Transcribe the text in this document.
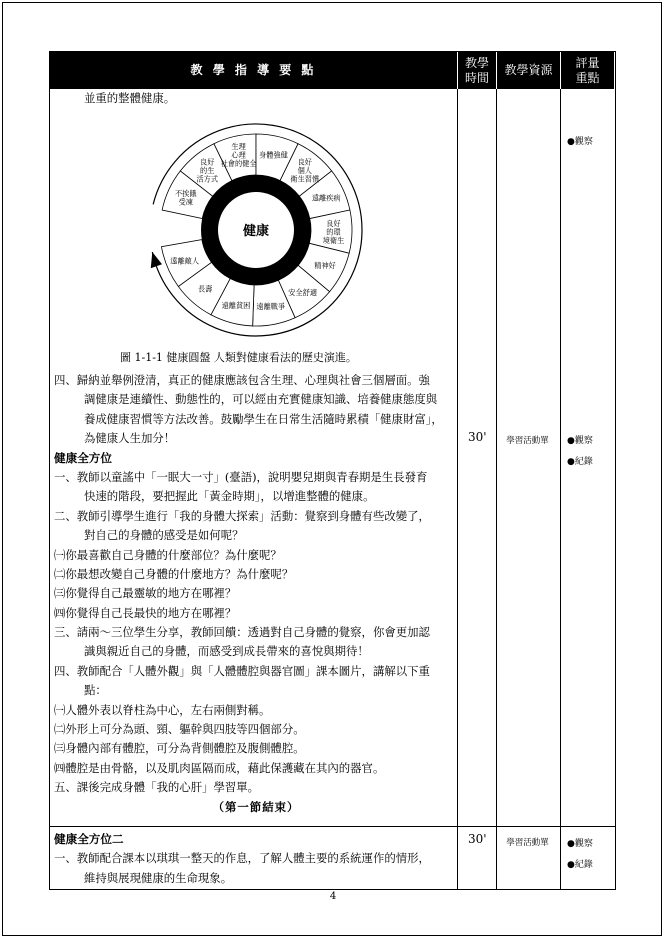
教 學 指 導 要 點
教學
時間
教學資源
評量
重點
健康
不挨餓受凍
良好的生活方式
生理心理社會的健全
身體強健
良好個人衛生習慣
遠離疾病
良好的環境衛生
精神好
安全舒適
遠離戰爭
遠離貧困
長壽
遠離敵人
圖 1-1-1 健康圓盤 人類對健康看法的歷史演進。
並重的整體健康。
四、歸納並舉例澄清，真正的健康應該包含生理、心理與社會三個層面。強
調健康是連續性、動態性的，可以經由充實健康知識、培養健康態度與
養成健康習慣等方法改善。鼓勵學生在日常生活隨時累積「健康財富」，
為健康人生加分！
健康全方位
一、教師以童謠中「一眠大一寸」(臺語)，說明嬰兒期與青春期是生長發育
快速的階段，要把握此「黃金時期」，以增進整體的健康。
二、教師引導學生進行「我的身體大探索」活動：覺察到身體有些改變了，
對自己的身體的感受是如何呢？
㈠你最喜歡自己身體的什麼部位？為什麼呢？
㈡你最想改變自己身體的什麼地方？為什麼呢？
㈢你覺得自己最靈敏的地方在哪裡？
㈣你覺得自己長最快的地方在哪裡？
三、請兩～三位學生分享，教師回饋：透過對自己身體的覺察，你會更加認
識與親近自己的身體，而感受到成長帶來的喜悅與期待！
四、教師配合「人體外觀」與「人體體腔與器官圖」課本圖片，講解以下重
點：
㈠人體外表以脊柱為中心，左右兩側對稱。
㈡外形上可分為頭、頸、軀幹與四肢等四個部分。
㈢身體內部有體腔，可分為背側體腔及腹側體腔。
㈣體腔是由骨骼，以及肌肉區隔而成，藉此保護藏在其內的器官。
五、課後完成身體「我的心肝」學習單。
（第一節結束）
●觀察
30' 學習活動單 ●觀察
●紀錄
健康全方位二
一、教師配合課本以琪琪一整天的作息，了解人體主要的系統運作的情形，
維持與展現健康的生命現象。
30' 學習活動單 ●觀察
●紀錄
4
